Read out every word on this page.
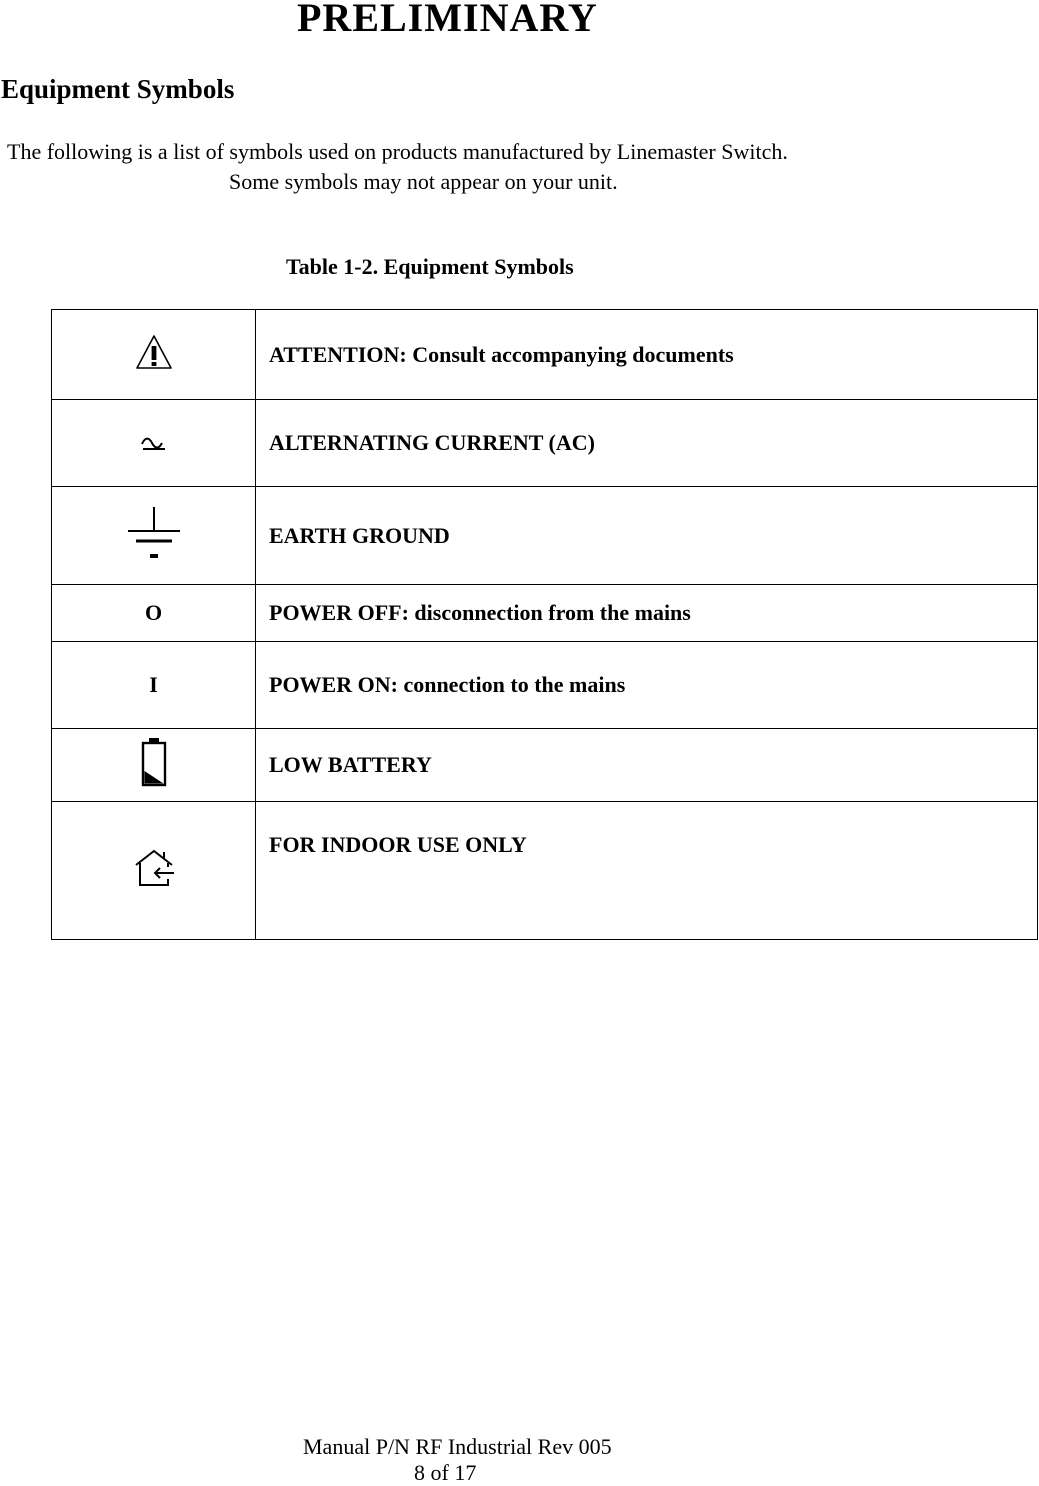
PRELIMINARY
Equipment Symbols
The following is a list of symbols used on products manufactured by Linemaster Switch.
Some symbols may not appear on your unit.
Table 1-2. Equipment Symbols
	ATTENTION: Consult accompanying documents
	ALTERNATING CURRENT (AC)
	EARTH GROUND
O	POWER OFF: disconnection from the mains
I	POWER ON: connection to the mains
	LOW BATTERY
	FOR INDOOR USE ONLY
Manual P/N RF Industrial Rev 005
8 of 17
